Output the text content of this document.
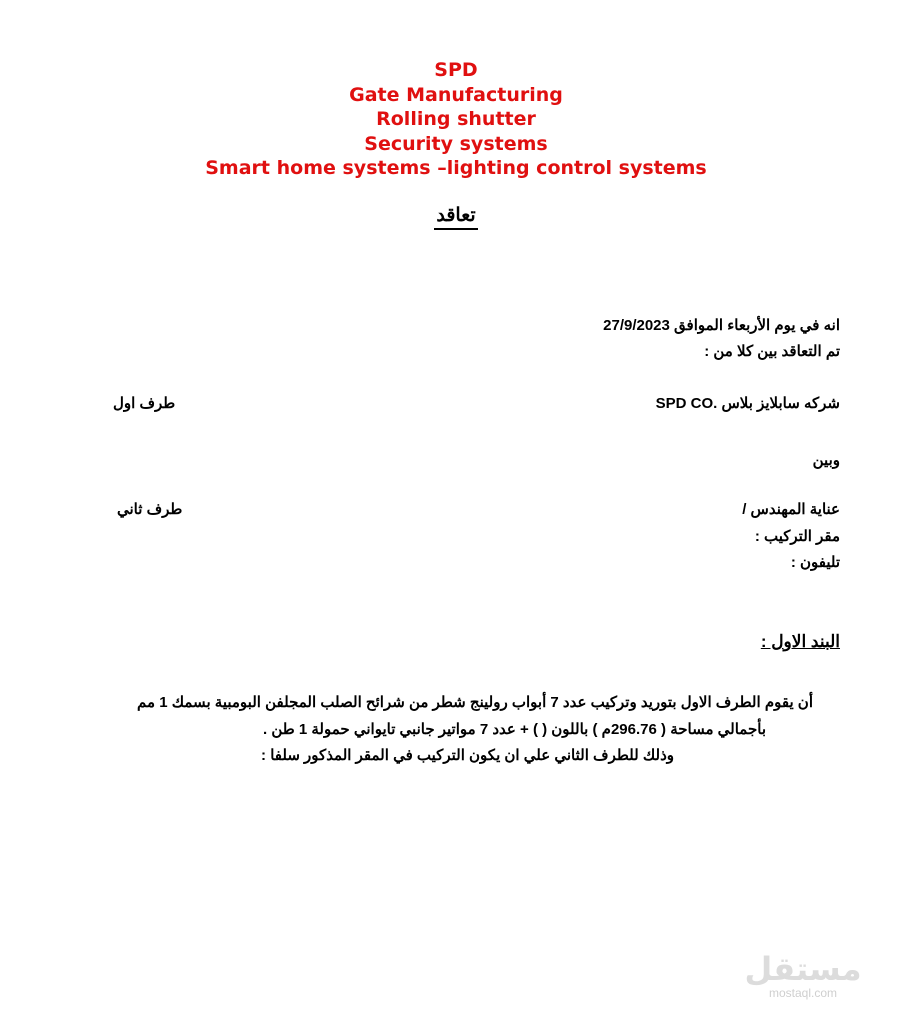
SPD
Gate Manufacturing
Rolling shutter
Security systems
Smart home systems –lighting control systems
تعاقد
انه في يوم الأربعاء الموافق 27/9/2023
تم التعاقد بين كلا من :
شركه سابلايز بلاس .SPD CO
طرف اول
وبين
عناية المهندس /
طرف ثاني
مقر التركيب :
تليفون :
البند الاول :
أن يقوم الطرف الاول بتوريد وتركيب عدد 7 أبواب رولينج شطر من شرائح الصلب المجلفن البومبية بسمك 1 مم
بأجمالي مساحة ( 296.76م ) باللون ( ) + عدد 7 مواتير جانبي تايواني حمولة 1 طن .
وذلك للطرف الثاني علي ان يكون التركيب في المقر المذكور سلفا :
مستقل
mostaql.com
